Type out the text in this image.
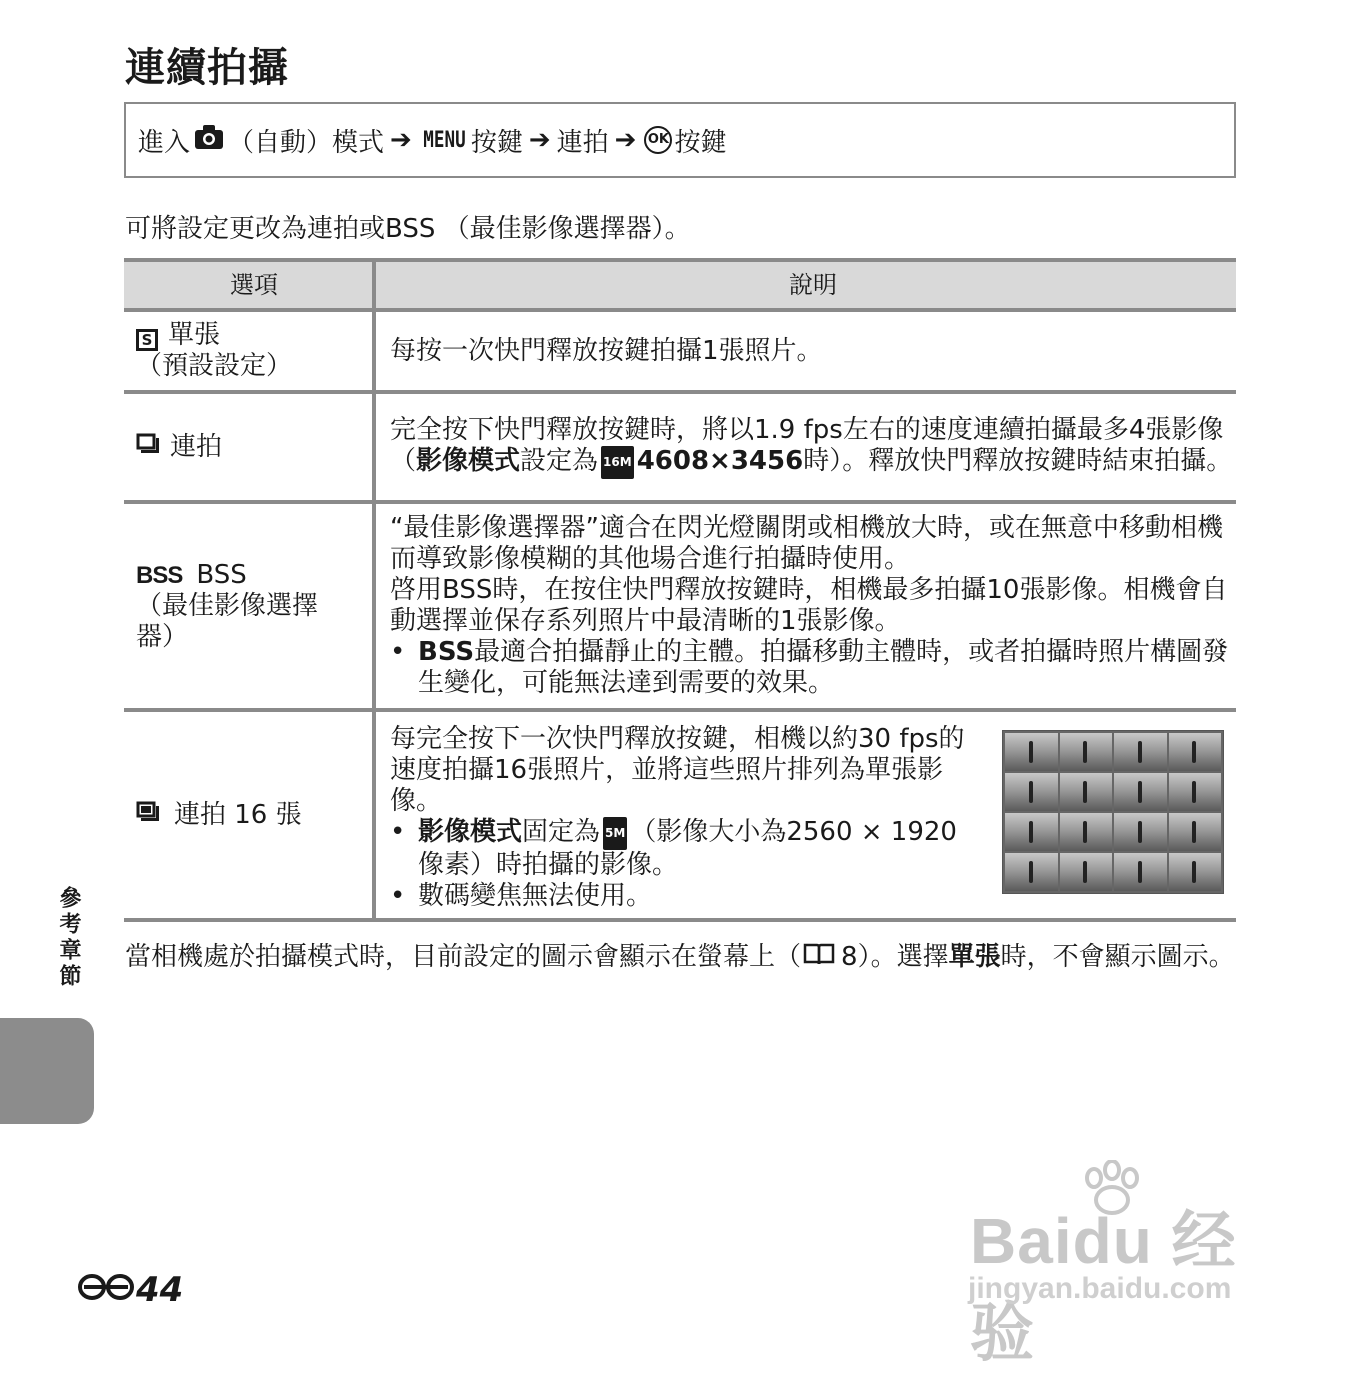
連續拍攝
進入 （自動）模式 ➔ MENU 按鍵 ➔ 連拍 ➔ OK 按鍵
可將設定更改為連拍或BSS （最佳影像選擇器）。
選項	說明
S 單張
（預設設定）
每按一次快門釋放按鍵拍攝1張照片。
連拍
完全按下快門釋放按鍵時，將以1.9 fps左右的速度連續拍攝最多4張影像（影像模式設定為 16M 4608×3456時）。釋放快門釋放按鍵時結束拍攝。
BSS BSS
（最佳影像選擇器）
“最佳影像選擇器”適合在閃光燈關閉或相機放大時，或在無意中移動相機而導致影像模糊的其他場合進行拍攝時使用。
啓用BSS時，在按住快門釋放按鍵時，相機最多拍攝10張影像。相機會自動選擇並保存系列照片中最清晰的1張影像。
• BSS最適合拍攝靜止的主體。拍攝移動主體時，或者拍攝時照片構圖發生變化，可能無法達到需要的效果。
連拍 16 張
每完全按下一次快門釋放按鍵，相機以約30 fps的速度拍攝16張照片，並將這些照片排列為單張影像。
• 影像模式固定為 5M （影像大小為2560 × 1920像素）時拍攝的影像。
• 數碼變焦無法使用。
當相機處於拍攝模式時，目前設定的圖示會顯示在螢幕上（ 8）。選擇單張時，不會顯示圖示。
參考章節
44
Baidu 经验
jingyan.baidu.com
